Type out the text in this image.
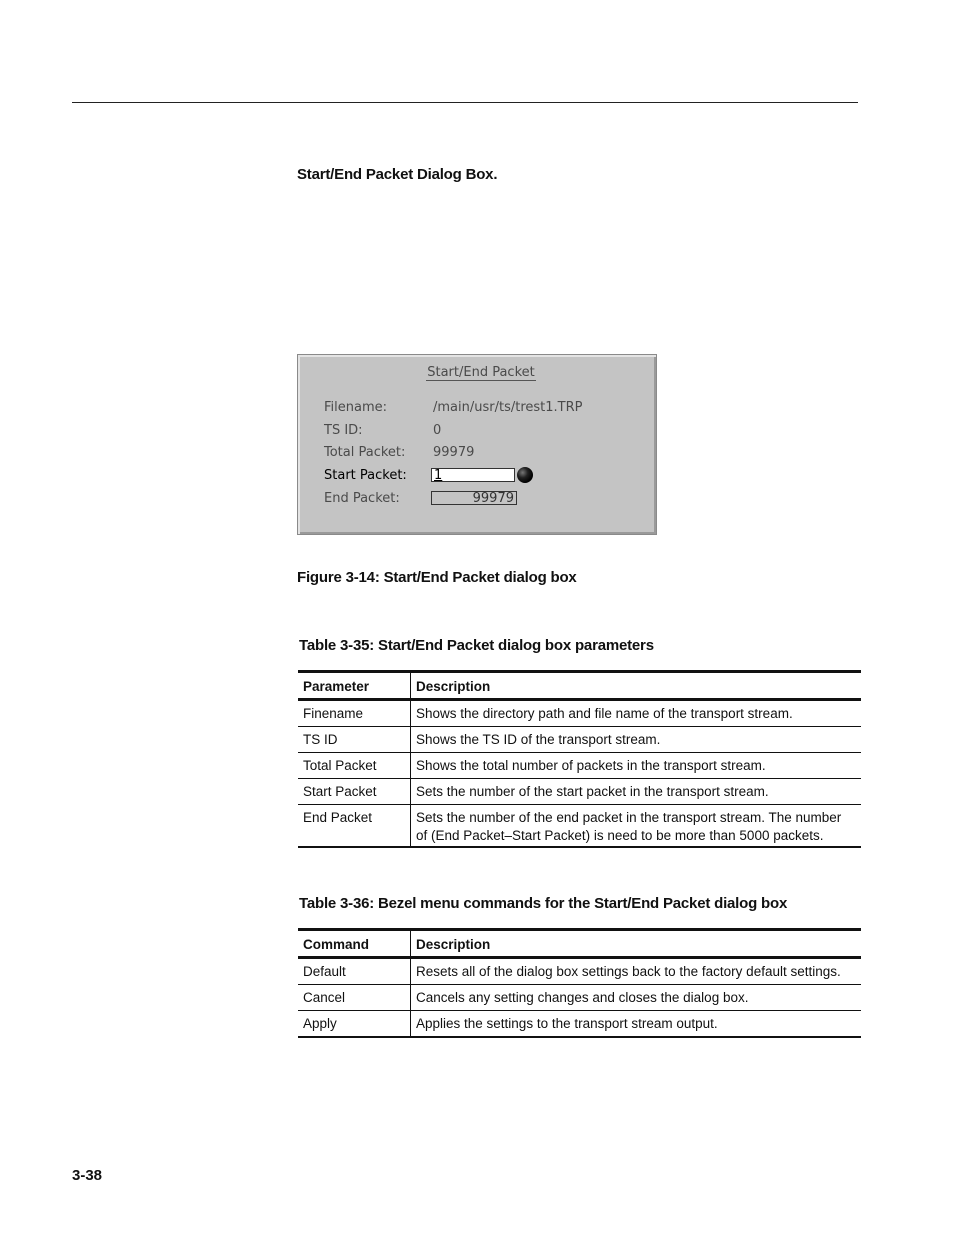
Start/End Packet Dialog Box.
Start/End Packet
Filename:	/main/usr/ts/trest1.TRP
TS ID:	0
Total Packet: 99979
Start Packet: 1
End Packet:	99979
Figure 3-14: Start/End Packet dialog box
Table 3-35: Start/End Packet dialog box parameters
Parameter	Description
Finename	Shows the directory path and file name of the transport stream.
TS ID	Shows the TS ID of the transport stream.
Total Packet	Shows the total number of packets in the transport stream.
Start Packet	Sets the number of the start packet in the transport stream.
End Packet	Sets the number of the end packet in the transport stream. The number of (End Packet–Start Packet) is need to be more than 5000 packets.
Table 3-36: Bezel menu commands for the Start/End Packet dialog box
Command	Description
Default	Resets all of the dialog box settings back to the factory default settings.
Cancel	Cancels any setting changes and closes the dialog box.
Apply	Applies the settings to the transport stream output.
3-38
